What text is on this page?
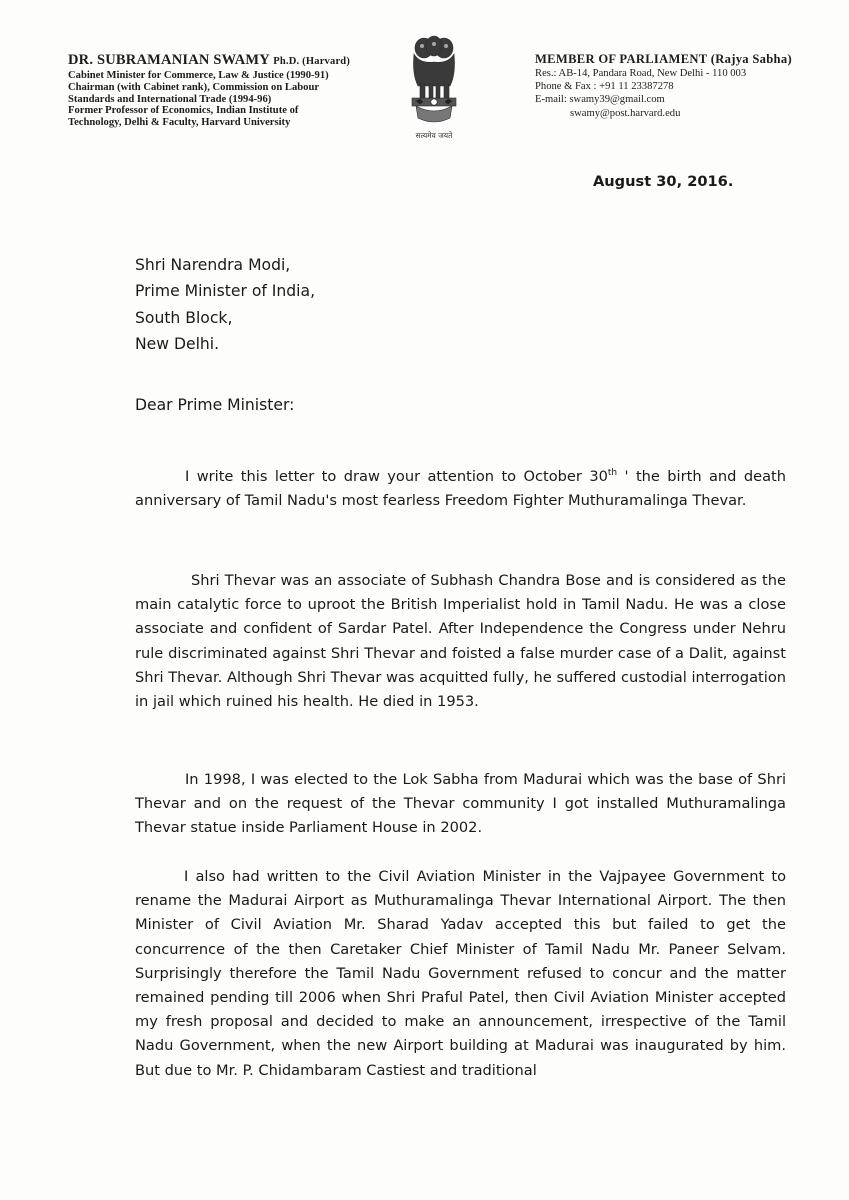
DR. SUBRAMANIAN SWAMY Ph.D. (Harvard)
Cabinet Minister for Commerce, Law & Justice (1990-91)
Chairman (with Cabinet rank), Commission on Labour
Standards and International Trade (1994-96)
Former Professor of Economics, Indian Institute of
Technology, Delhi & Faculty, Harvard University
सत्यमेव जयते
MEMBER OF PARLIAMENT (Rajya Sabha)
Res.: AB-14, Pandara Road, New Delhi - 110 003
Phone & Fax : +91 11 23387278
E-mail: swamy39@gmail.com
swamy@post.harvard.edu
August 30, 2016.
Shri Narendra Modi,
Prime Minister of India,
South Block,
New Delhi.
Dear Prime Minister:
I write this letter to draw your attention to October 30th ' the birth and death anniversary of Tamil Nadu's most fearless Freedom Fighter Muthuramalinga Thevar.
Shri Thevar was an associate of Subhash Chandra Bose and is considered as the main catalytic force to uproot the British Imperialist hold in Tamil Nadu. He was a close associate and confident of Sardar Patel. After Independence the Congress under Nehru rule discriminated against Shri Thevar and foisted a false murder case of a Dalit, against Shri Thevar. Although Shri Thevar was acquitted fully, he suffered custodial interrogation in jail which ruined his health. He died in 1953.
In 1998, I was elected to the Lok Sabha from Madurai which was the base of Shri Thevar and on the request of the Thevar community I got installed Muthuramalinga Thevar statue inside Parliament House in 2002.
I also had written to the Civil Aviation Minister in the Vajpayee Government to rename the Madurai Airport as Muthuramalinga Thevar International Airport. The then Minister of Civil Aviation Mr. Sharad Yadav accepted this but failed to get the concurrence of the then Caretaker Chief Minister of Tamil Nadu Mr. Paneer Selvam. Surprisingly therefore the Tamil Nadu Government refused to concur and the matter remained pending till 2006 when Shri Praful Patel, then Civil Aviation Minister accepted my fresh proposal and decided to make an announcement, irrespective of the Tamil Nadu Government, when the new Airport building at Madurai was inaugurated by him. But due to Mr. P. Chidambaram Castiest and traditional
